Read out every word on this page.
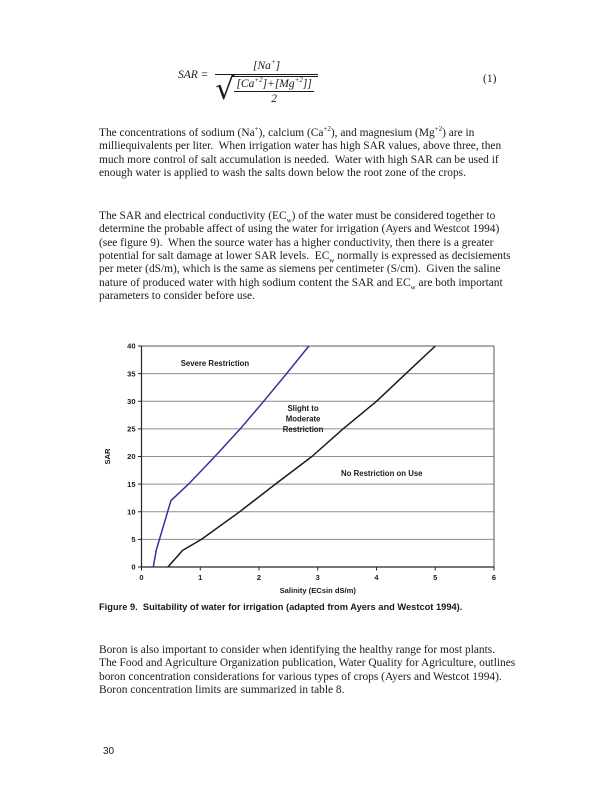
SAR =
[Na+]
√ $\frac{[Ca^{+2}]+[Mg^{+2}]]}{2}$	(1)
The concentrations of sodium (Na+), calcium $(Ca^{+2})$, and magnesium $(Mg^{+2})$ are in milliequivalents per liter.  When irrigation water has high SAR values, above three, then much more control of salt accumulation is needed.  Water with high SAR can be used if enough water is applied to wash the salts down below the root zone of the crops.
The SAR and electrical conductivity $(EC_w)$ of the water must be considered together to determine the probable affect of using the water for irrigation (Ayers and Westcot 1994) (see figure 9).  When the source water has a higher conductivity, then there is a greater potential for salt damage at lower SAR levels.  $EC_w$ normally is expressed as decisiements per meter (dS/m), which is the same as siemens per centimeter (S/cm).  Given the saline nature of produced water with high sodium content the SAR and $EC_w$ are both important parameters to consider before use.
0
5
10
15
20
25
30
35
40
0	1	2	3	4	5	6
Salinity (ECsin dS/m)
SAR
Severe Restriction
Slight to
Moderate
Restriction
No Restriction on Use
Figure 9.  Suitability of water for irrigation (adapted from Ayers and Westcot 1994).
Boron is also important to consider when identifying the healthy range for most plants.   The Food and Agriculture Organization publication, Water Quality for Agriculture, outlines boron concentration considerations for various types of crops (Ayers and Westcot 1994).  Boron concentration limits are summarized in table 8.
30
